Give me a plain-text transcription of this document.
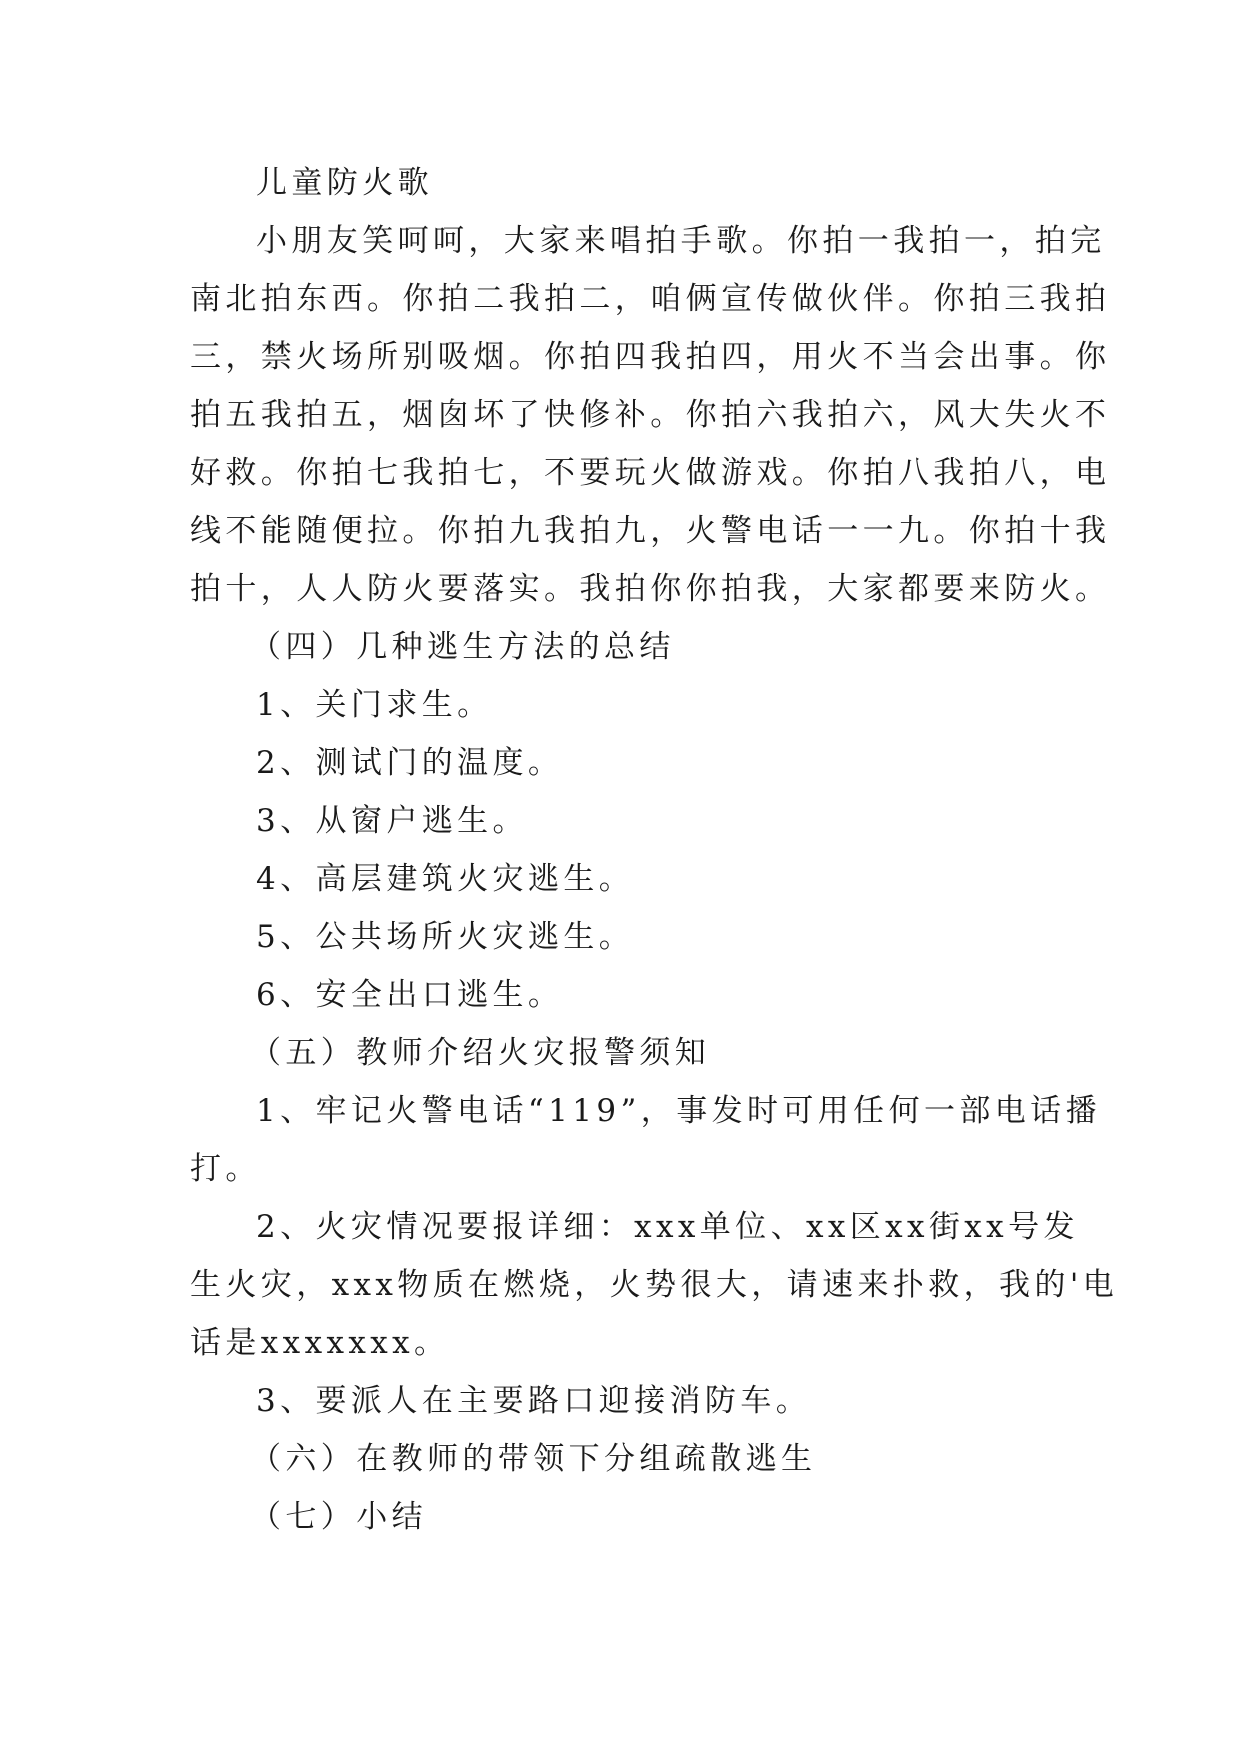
儿童防火歌

小朋友笑呵呵，大家来唱拍手歌。你拍一我拍一，拍完

南北拍东西。你拍二我拍二，咱俩宣传做伙伴。你拍三我拍

三，禁火场所别吸烟。你拍四我拍四，用火不当会出事。你

拍五我拍五，烟囱坏了快修补。你拍六我拍六，风大失火不

好救。你拍七我拍七，不要玩火做游戏。你拍八我拍八，电

线不能随便拉。你拍九我拍九，火警电话一一九。你拍十我

拍十，人人防火要落实。我拍你你拍我，大家都要来防火。

（四）几种逃生方法的总结

1、关门求生。

2、测试门的温度。

3、从窗户逃生。

4、高层建筑火灾逃生。

5、公共场所火灾逃生。

6、安全出口逃生。

（五）教师介绍火灾报警须知

1、牢记火警电话“119”，事发时可用任何一部电话播

打。

2、火灾情况要报详细：xxx单位、xx区xx街xx号发

生火灾，xxx物质在燃烧，火势很大，请速来扑救，我的'电

话是xxxxxxx。

3、要派人在主要路口迎接消防车。

（六）在教师的带领下分组疏散逃生

（七）小结
